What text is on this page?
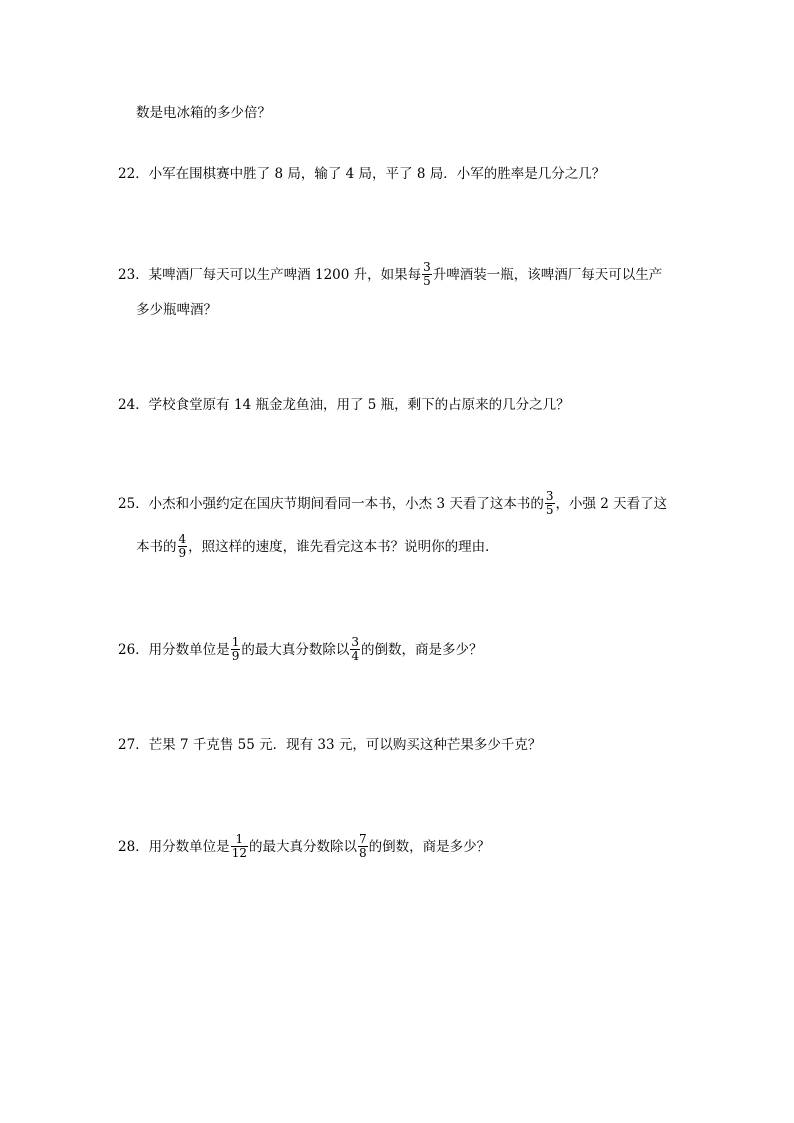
数是电冰箱的多少倍？
22．小军在围棋赛中胜了 8 局，输了 4 局，平了 8 局．小军的胜率是几分之几？
23．某啤酒厂每天可以生产啤酒 1200 升，如果每 $\frac{3}{5}$ 升啤酒装一瓶，该啤酒厂每天可以生产
多少瓶啤酒？
24．学校食堂原有 14 瓶金龙鱼油，用了 5 瓶，剩下的占原来的几分之几？
25．小杰和小强约定在国庆节期间看同一本书，小杰 3 天看了这本书的 $\frac{3}{5}$ ，小强 2 天看了这
本书的 $\frac{4}{9}$ ，照这样的速度，谁先看完这本书？说明你的理由．
26．用分数单位是 $\frac{1}{9}$ 的最大真分数除以 $\frac{3}{4}$ 的倒数，商是多少？
27．芒果 7 千克售 55 元．现有 33 元，可以购买这种芒果多少千克？
28．用分数单位是 $\frac{1}{12}$ 的最大真分数除以 $\frac{7}{8}$ 的倒数，商是多少？
